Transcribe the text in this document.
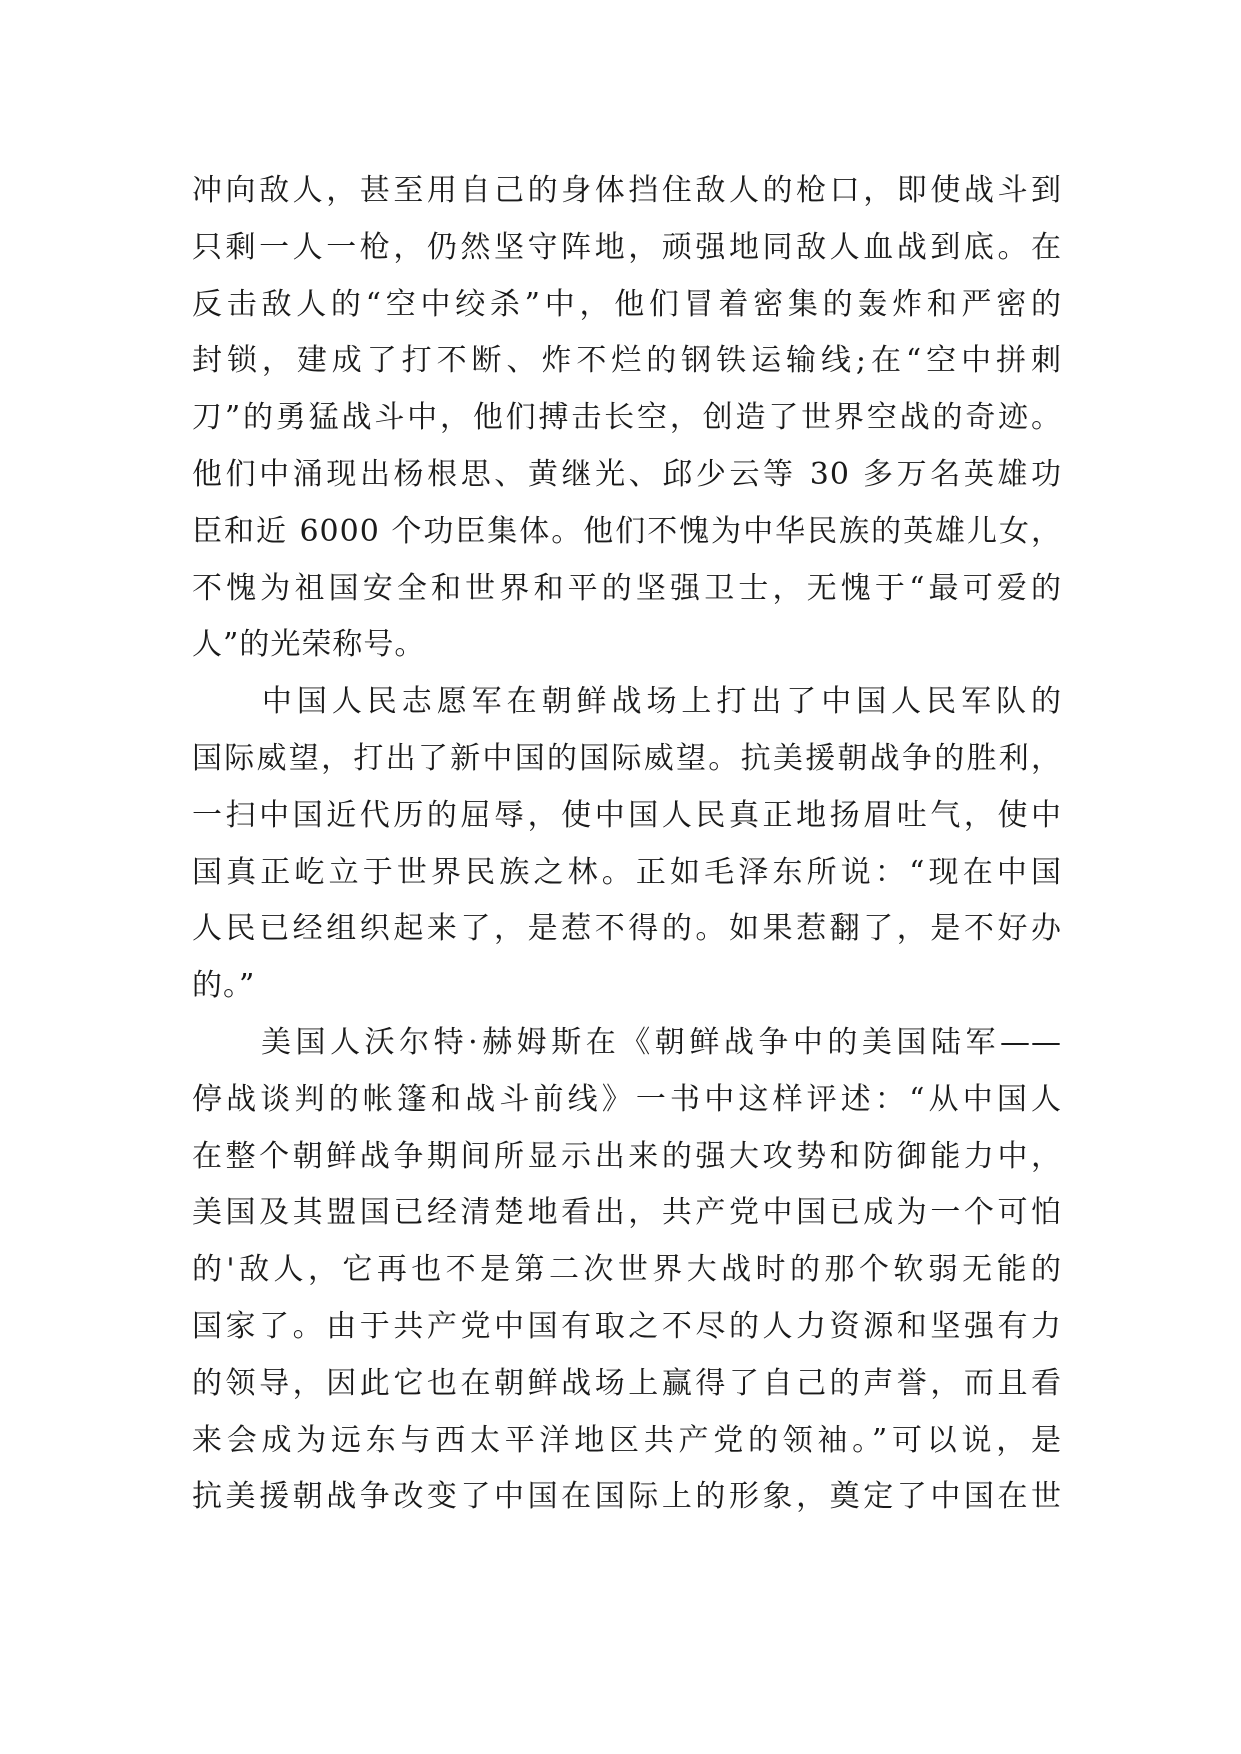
冲向敌人，甚至用自己的身体挡住敌人的枪口，即使战斗到
只剩一人一枪，仍然坚守阵地，顽强地同敌人血战到底。在
反击敌人的“空中绞杀”中，他们冒着密集的轰炸和严密的
封锁，建成了打不断、炸不烂的钢铁运输线;在“空中拼刺
刀”的勇猛战斗中，他们搏击长空，创造了世界空战的奇迹。
他们中涌现出杨根思、黄继光、邱少云等 30 多万名英雄功
臣和近 6000 个功臣集体。他们不愧为中华民族的英雄儿女，
不愧为祖国安全和世界和平的坚强卫士，无愧于“最可爱的
人”的光荣称号。
　　中国人民志愿军在朝鲜战场上打出了中国人民军队的
国际威望，打出了新中国的国际威望。抗美援朝战争的胜利，
一扫中国近代历的屈辱，使中国人民真正地扬眉吐气，使中
国真正屹立于世界民族之林。正如毛泽东所说：“现在中国
人民已经组织起来了，是惹不得的。如果惹翻了，是不好办
的。”
　　美国人沃尔特·赫姆斯在《朝鲜战争中的美国陆军——
停战谈判的帐篷和战斗前线》一书中这样评述：“从中国人
在整个朝鲜战争期间所显示出来的强大攻势和防御能力中，
美国及其盟国已经清楚地看出，共产党中国已成为一个可怕
的'敌人，它再也不是第二次世界大战时的那个软弱无能的
国家了。由于共产党中国有取之不尽的人力资源和坚强有力
的领导，因此它也在朝鲜战场上赢得了自己的声誉，而且看
来会成为远东与西太平洋地区共产党的领袖。”可以说，是
抗美援朝战争改变了中国在国际上的形象，奠定了中国在世
